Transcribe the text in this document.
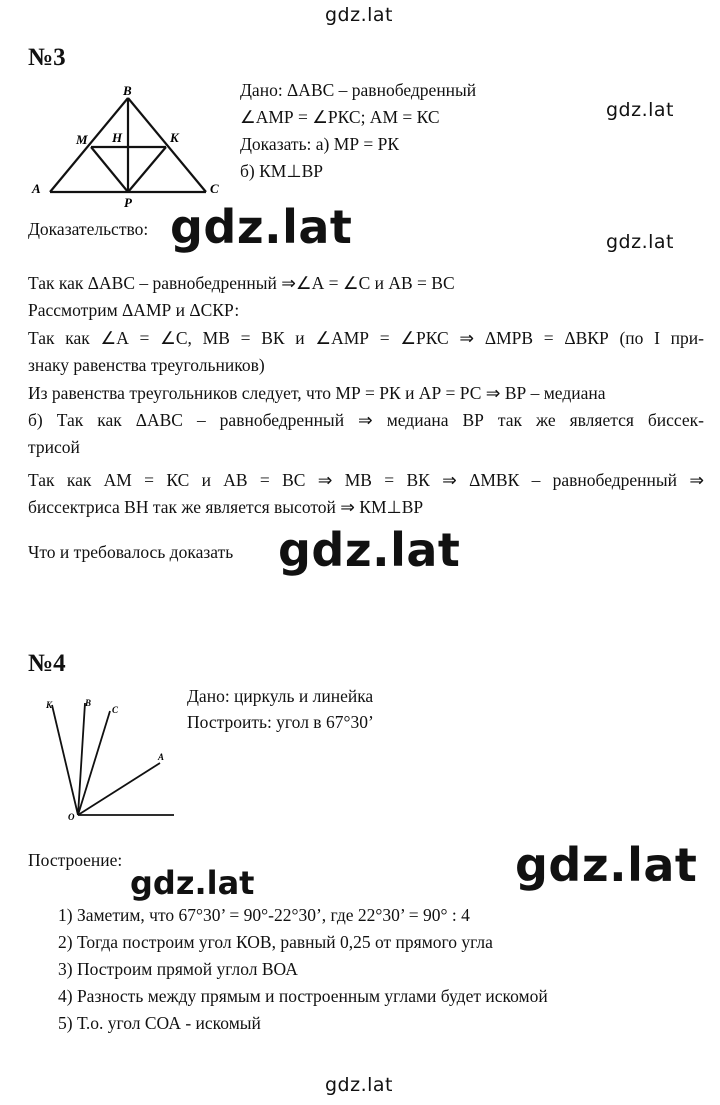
gdz.lat
gdz.lat
gdz.lat
№3
B
M H	K
A
P
C
Дано: ΔАВС – равнобедренный
∠АМР = ∠РКС; АМ = КС
Доказать: а) МР = РК
б) КМ⊥ВР
Доказательство: gdz.lat
Так как ΔАВС – равнобедренный ⇒∠А = ∠С и АВ = ВС
Рассмотрим ΔАМР и ΔСКР:
Так как ∠А = ∠С, МВ = ВК и ∠АМР = ∠РКС ⇒ ΔМРВ = ΔВКР (по I при-
знаку равенства треугольников)
Из равенства треугольников следует, что МР = РК и АР = РС ⇒ ВР – медиана
б) Так как ΔАВС – равнобедренный ⇒ медиана ВР так же является биссек-
трисой
Так как АМ = КС и АВ = ВС ⇒ МВ = ВК ⇒ ΔМВК – равнобедренный ⇒
биссектриса ВН так же является высотой ⇒ КМ⊥ВР
Что и требовалось доказать gdz.lat
№4
K	B
C
A
O
Дано: циркуль и линейка
Построить: угол в 67°30’
Построение:	gdz.lat
gdz.lat
1) Заметим, что 67°30’ = 90°-22°30’, где 22°30’ = 90° : 4
2) Тогда построим угол КОВ, равный 0,25 от прямого угла
3) Построим прямой углол ВОА
4) Разность между прямым и построенным углами будет искомой
5) Т.о. угол СОА - искомый
gdz.lat
